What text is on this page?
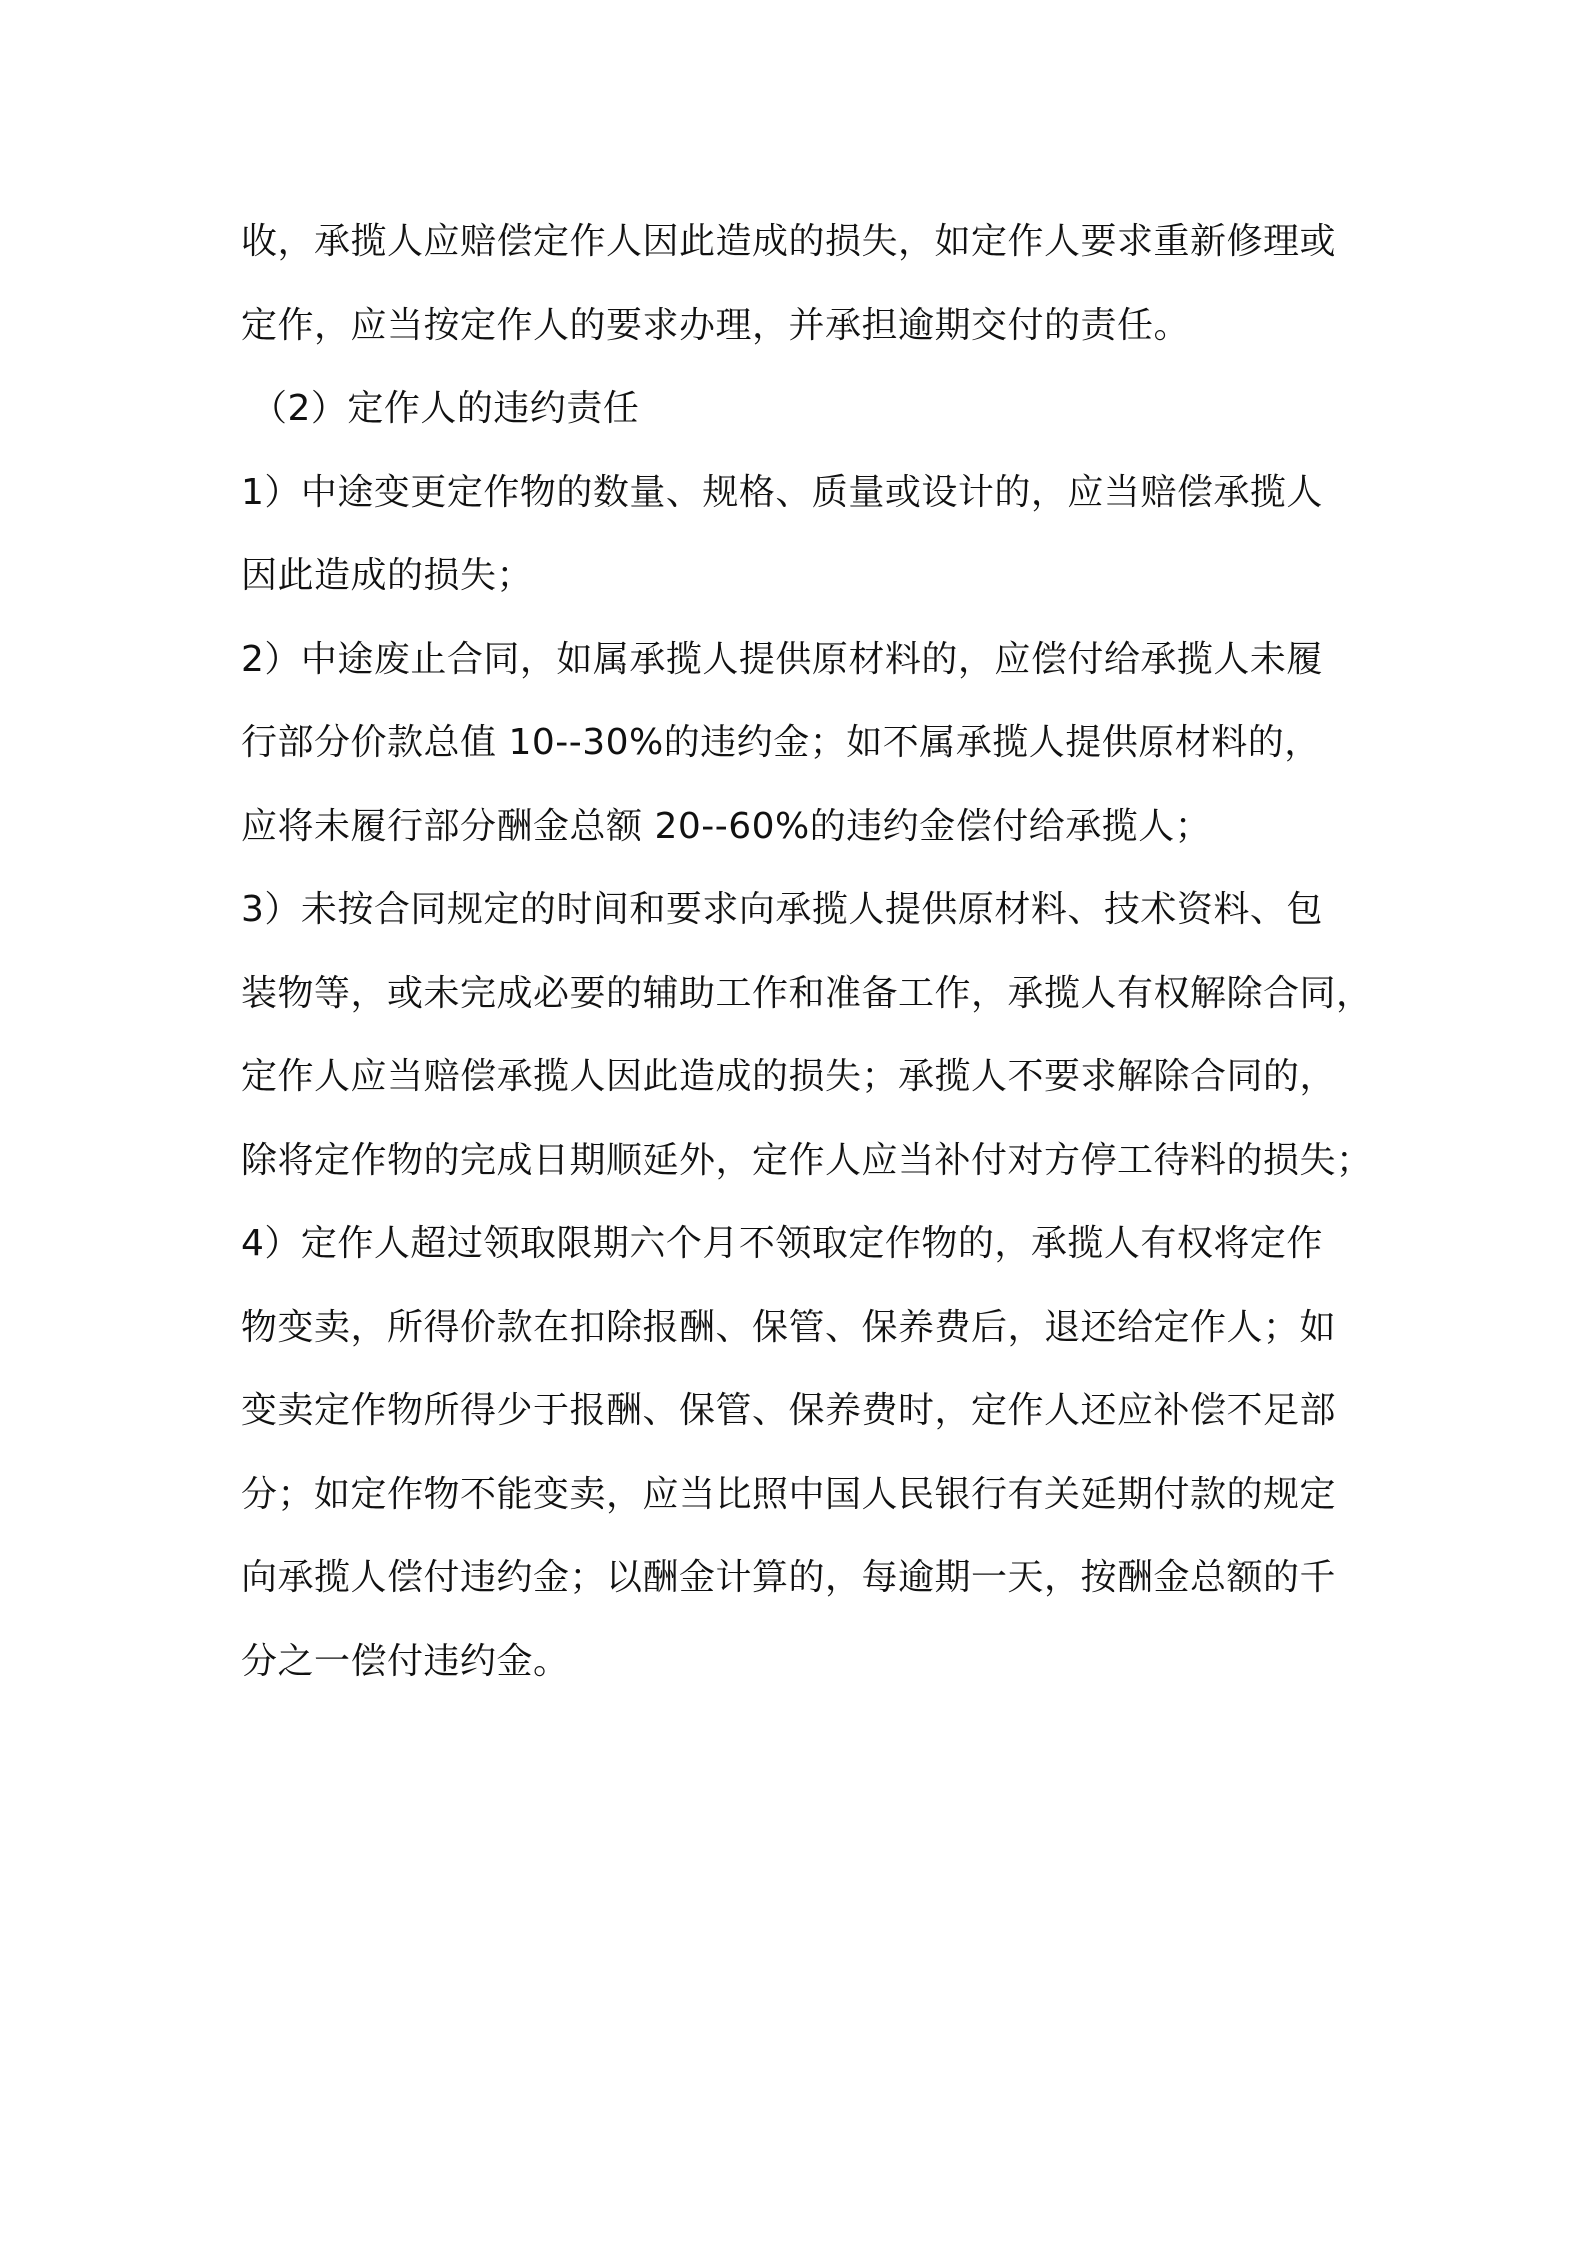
收，承揽人应赔偿定作人因此造成的损失，如定作人要求重新修理或
定作，应当按定作人的要求办理，并承担逾期交付的责任。
（2）定作人的违约责任
1）中途变更定作物的数量、规格、质量或设计的，应当赔偿承揽人
因此造成的损失；
2）中途废止合同，如属承揽人提供原材料的，应偿付给承揽人未履
行部分价款总值 10--30%的违约金；如不属承揽人提供原材料的，
应将未履行部分酬金总额 20--60%的违约金偿付给承揽人；
3）未按合同规定的时间和要求向承揽人提供原材料、技术资料、包
装物等，或未完成必要的辅助工作和准备工作，承揽人有权解除合同，
定作人应当赔偿承揽人因此造成的损失；承揽人不要求解除合同的，
除将定作物的完成日期顺延外，定作人应当补付对方停工待料的损失；
4）定作人超过领取限期六个月不领取定作物的，承揽人有权将定作
物变卖，所得价款在扣除报酬、保管、保养费后，退还给定作人；如
变卖定作物所得少于报酬、保管、保养费时，定作人还应补偿不足部
分；如定作物不能变卖，应当比照中国人民银行有关延期付款的规定
向承揽人偿付违约金；以酬金计算的，每逾期一天，按酬金总额的千
分之一偿付违约金。
